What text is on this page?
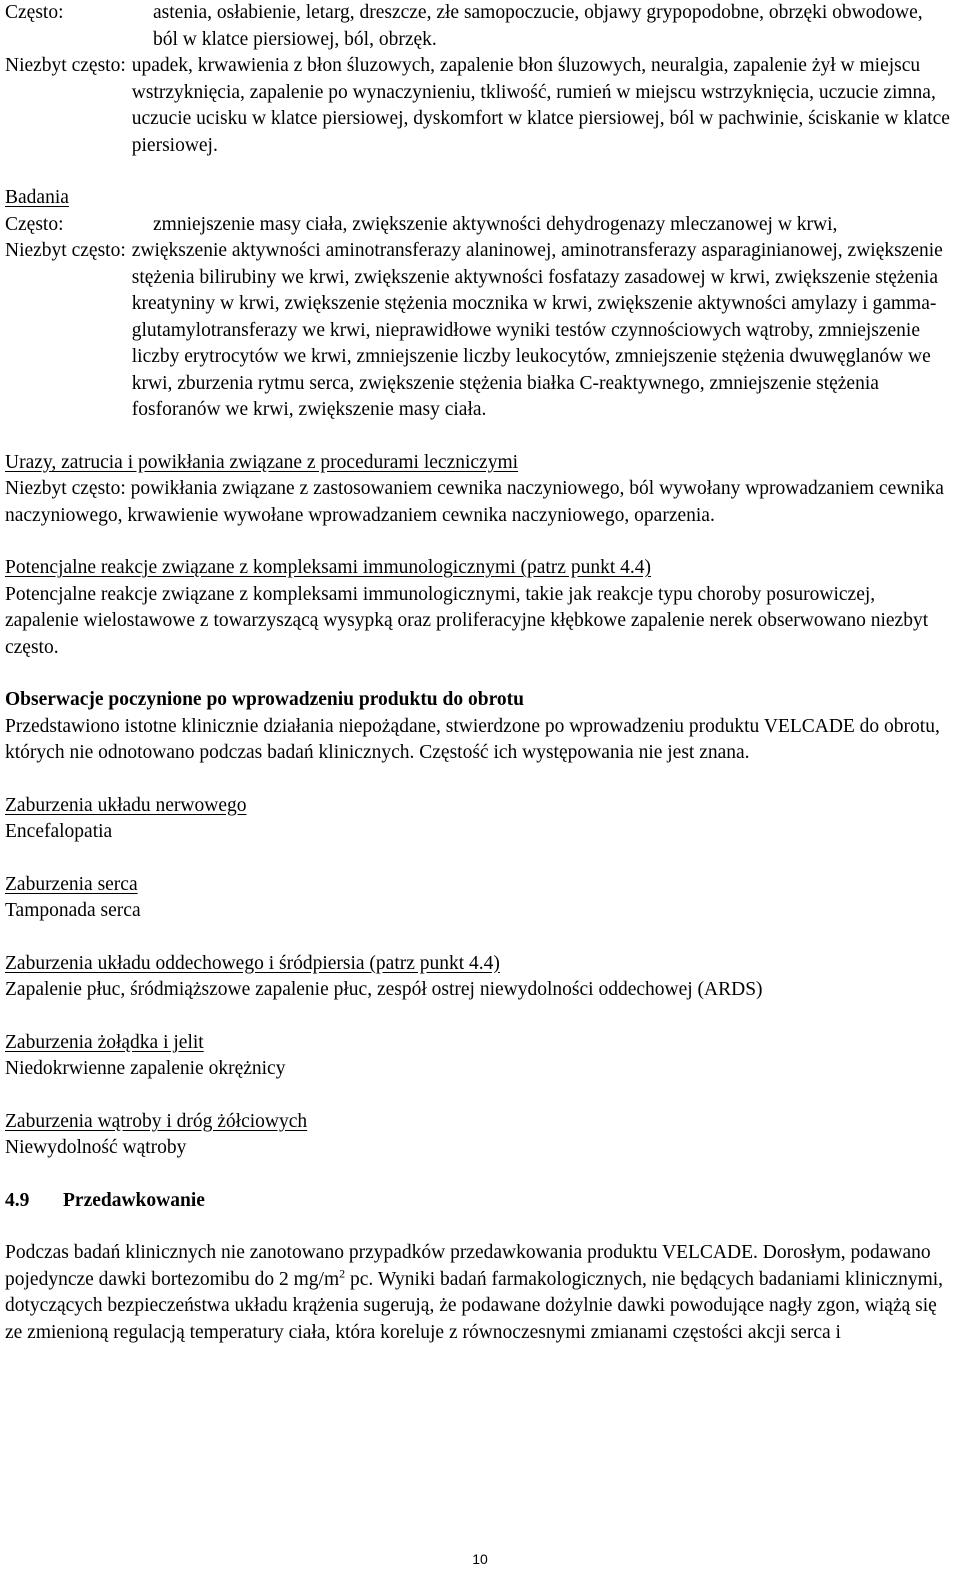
Często:	astenia, osłabienie, letarg, dreszcze, złe samopoczucie, objawy grypopodobne, obrzęki obwodowe, ból w klatce piersiowej, ból, obrzęk.
Niezbyt często: upadek, krwawienia z błon śluzowych, zapalenie błon śluzowych, neuralgia, zapalenie żył w miejscu wstrzyknięcia, zapalenie po wynaczynieniu, tkliwość, rumień w miejscu wstrzyknięcia, uczucie zimna, uczucie ucisku w klatce piersiowej, dyskomfort w klatce piersiowej, ból w pachwinie, ściskanie w klatce piersiowej.
Badania
Często:	zmniejszenie masy ciała, zwiększenie aktywności dehydrogenazy mleczanowej w krwi,
Niezbyt często: zwiększenie aktywności aminotransferazy alaninowej, aminotransferazy asparaginianowej, zwiększenie stężenia bilirubiny we krwi, zwiększenie aktywności fosfatazy zasadowej w krwi, zwiększenie stężenia kreatyniny w krwi, zwiększenie stężenia mocznika w krwi, zwiększenie aktywności amylazy i gamma-glutamylotransferazy we krwi, nieprawidłowe wyniki testów czynnościowych wątroby, zmniejszenie liczby erytrocytów we krwi, zmniejszenie liczby leukocytów, zmniejszenie stężenia dwuwęglanów we krwi, zburzenia rytmu serca, zwiększenie stężenia białka C-reaktywnego, zmniejszenie stężenia fosforanów we krwi, zwiększenie masy ciała.
Urazy, zatrucia i powikłania związane z procedurami leczniczymi
Niezbyt często: powikłania związane z zastosowaniem cewnika naczyniowego, ból wywołany wprowadzaniem cewnika naczyniowego, krwawienie wywołane wprowadzaniem cewnika naczyniowego, oparzenia.
Potencjalne reakcje związane z kompleksami immunologicznymi (patrz punkt 4.4)
Potencjalne reakcje związane z kompleksami immunologicznymi, takie jak reakcje typu choroby posurowiczej, zapalenie wielostawowe z towarzyszącą wysypką oraz proliferacyjne kłębkowe zapalenie nerek obserwowano niezbyt często.
Obserwacje poczynione po wprowadzeniu produktu do obrotu
Przedstawiono istotne klinicznie działania niepożądane, stwierdzone po wprowadzeniu produktu VELCADE do obrotu, których nie odnotowano podczas badań klinicznych. Częstość ich występowania nie jest znana.
Zaburzenia układu nerwowego
Encefalopatia
Zaburzenia serca
Tamponada serca
Zaburzenia układu oddechowego i śródpiersia (patrz punkt 4.4)
Zapalenie płuc, śródmiąższowe zapalenie płuc, zespół ostrej niewydolności oddechowej (ARDS)
Zaburzenia żołądka i jelit
Niedokrwienne zapalenie okrężnicy
Zaburzenia wątroby i dróg żółciowych
Niewydolność wątroby
4.9	Przedawkowanie
Podczas badań klinicznych nie zanotowano przypadków przedawkowania produktu VELCADE. Dorosłym, podawano pojedyncze dawki bortezomibu do 2 $mg/m^2$ pc. Wyniki badań farmakologicznych, nie będących badaniami klinicznymi, dotyczących bezpieczeństwa układu krążenia sugerują, że podawane dożylnie dawki powodujące nagły zgon, wiążą się ze zmienioną regulacją temperatury ciała, która koreluje z równoczesnymi zmianami częstości akcji serca i
10
